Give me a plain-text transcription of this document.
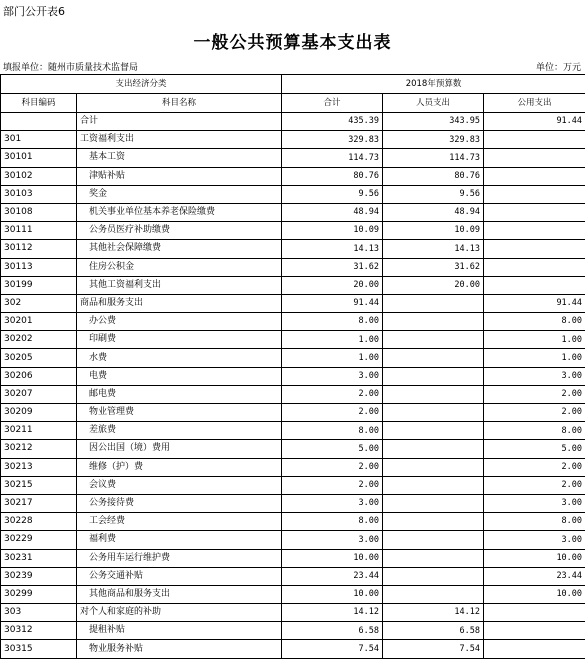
部门公开表6
一般公共预算基本支出表
填报单位：随州市质量技术监督局	单位：万元
支出经济分类		2018年预算数		
科目编码	科目名称	合计	人员支出	公用支出
	合计	435.39	343.95	91.44
301	工资福利支出	329.83	329.83	
30101	基本工资	114.73	114.73	
30102	津贴补贴	80.76	80.76	
30103	奖金	9.56	9.56	
30108	机关事业单位基本养老保险缴费	48.94	48.94	
30111	公务员医疗补助缴费	10.09	10.09	
30112	其他社会保障缴费	14.13	14.13	
30113	住房公积金	31.62	31.62	
30199	其他工资福利支出	20.00	20.00	
302	商品和服务支出	91.44		91.44
30201	办公费	8.00		8.00
30202	印刷费	1.00		1.00
30205	水费	1.00		1.00
30206	电费	3.00		3.00
30207	邮电费	2.00		2.00
30209	物业管理费	2.00		2.00
30211	差旅费	8.00		8.00
30212	因公出国（境）费用	5.00		5.00
30213	维修（护）费	2.00		2.00
30215	会议费	2.00		2.00
30217	公务接待费	3.00		3.00
30228	工会经费	8.00		8.00
30229	福利费	3.00		3.00
30231	公务用车运行维护费	10.00		10.00
30239	公务交通补贴	23.44		23.44
30299	其他商品和服务支出	10.00		10.00
303	对个人和家庭的补助	14.12	14.12	
30312	提租补贴	6.58	6.58	
30315	物业服务补贴	7.54	7.54	
